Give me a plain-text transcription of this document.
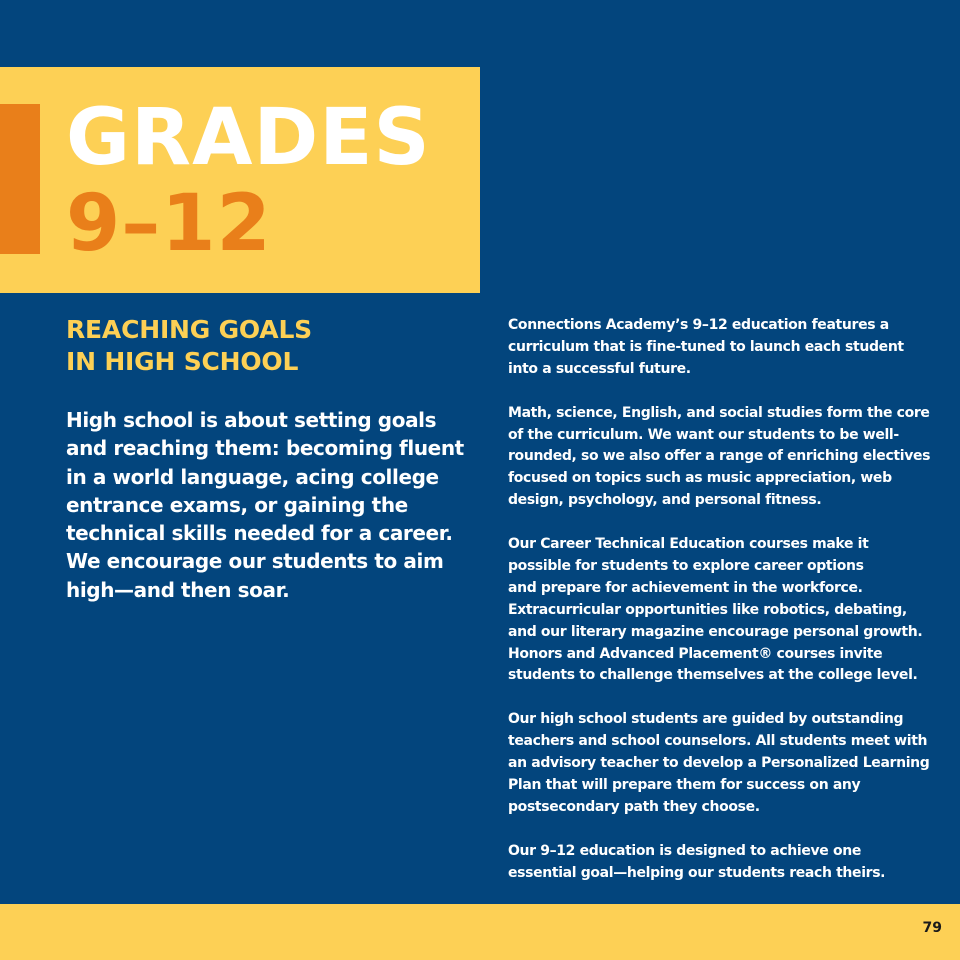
GRADES
9–12
REACHING GOALS
IN HIGH SCHOOL
High school is about setting goals
and reaching them: becoming fluent
in a world language, acing college
entrance exams, or gaining the
technical skills needed for a career.
We encourage our students to aim
high—and then soar.

Connections Academy’s 9–12 education features a
curriculum that is fine-tuned to launch each student
into a successful future.

Math, science, English, and social studies form the core
of the curriculum. We want our students to be well-
rounded, so we also offer a range of enriching electives
focused on topics such as music appreciation, web
design, psychology, and personal fitness.

Our Career Technical Education courses make it
possible for students to explore career options
and prepare for achievement in the workforce.
Extracurricular opportunities like robotics, debating,
and our literary magazine encourage personal growth.
Honors and Advanced Placement® courses invite
students to challenge themselves at the college level.

Our high school students are guided by outstanding
teachers and school counselors. All students meet with
an advisory teacher to develop a Personalized Learning
Plan that will prepare them for success on any
postsecondary path they choose.

Our 9–12 education is designed to achieve one
essential goal—helping our students reach theirs.

79
